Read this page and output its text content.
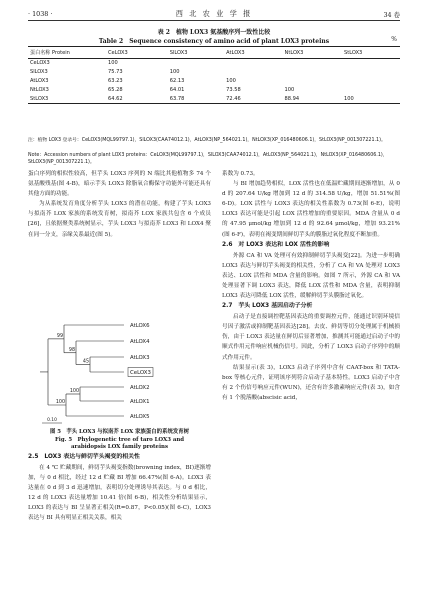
· 1038 ·	西 北 农 业 学 报	34 卷
表 2　植物 LOX3 氨基酸序列一致性比较
Table 2　Sequence consistency of amino acid of plant LOX3 proteins	%
蛋白名称 Protein	CeLOX3	SlLOX3	AtLOX3	NtLOX3	StLOX3
CeLOX3	100				
SlLOX3	75.73	100			
AtLOX3	63.23	62.13	100		
NtLOX3	65.28	64.01	73.58	100	
StLOX3	64.62	63.78	72.46	88.94	100
注：植物 LOX3 登录号：CeLOX3(MQL99797.1)，SlLOX3(CAA74012.1)，AtLOX3(NP_564021.1)，NtLOX3(XP_016480606.1)，StLOX3(NP_001307221.1)。
Note：Accession numbers of plant LOX3 proteins：CeLOX3(MQL99797.1)，SlLOX3(CAA74012.1)，AtLOX3(NP_564021.1)，NtLOX3(XP_016480606.1)，StLOX3(NP_001307221.1)。

蛋白序列的相似性较高，但芋头 LOX3 序列的 N 端比其他植物多 74 个氨基酸残基(图 4-B)，暗示芋头 LOX3 除脂氧合酶保守功能外可能还具有其他方面的功能。

为从系统发育角度分析芋头 LOX3 的潜在功能，构建了芋头 LOX3 与拟南芥 LOX 家族的系统发育树，拟南芥 LOX 家族共包含 6 个成员[26]，且依据聚类系统树显示，芋头 LOX3 与拟南芥 LOX3 和 LOX4 聚在同一分支，亲缘关系最近(图 5)。

AtLOX6
AtLOX4
AtLOX3
CeLOX3
AtLOX2
AtLOX1
AtLOX5
99
98
45
100
100
0.10
图 5　芋头 LOX3 与拟南芥 LOX 家族蛋白的系统发育树
Fig. 5　Phylogenetic tree of taro LOX3 and
arabidopsis LOX family proteins
2.5　LOX3 表达与鲜切芋头褐变的相关性

在 4 ℃ 贮藏期间，鲜切芋头褐变指数(browning index，BI)逐渐增加，与 0 d 相比，经过 12 d 贮藏 BI 增加 66.47%(图 6-A)。LOX3 表达量在 0 d 到 3 d 迅速增加，表明切分处理诱导其表达。与 0 d 相比，12 d 的 LOX3 表达量增加 10.41 倍(图 6-B)，相关性分析结果显示，LOX3 的表达与 BI 呈显著正相关(R=0.87，P<0.05)(图 6-C)，LOX3 表达与 BI 具有明显正相关关系，相关

系数为 0.73。

与 BI 增加趋势相似，LOX 活性也在低温贮藏期间逐渐增加，从 0 d 的 207.64 U/kg 增加到 12 d 的 314.58 U/kg，增加 51.51%(图 6-D)。LOX 活性与 LOX3 表达的相关性系数为 0.73(图 6-E)，说明 LOX3 表达可能是引起 LOX 活性增加的重要原因。MDA 含量从 0 d 的 47.95 μmol/kg 增加到 12 d 的 92.64 μmol/kg，增加 93.21%(图 6-F)，表明在褐变期间鲜切芋头的膜脂过氧化程度不断加重。

2.6　对 LOX3 表达和 LOX 活性的影响

外源 CA 和 VA 处理可有效抑制鲜切芋头褐变[22]。为进一步明确 LOX3 表达与鲜切芋头褐变的相关性，分析了 CA 和 VA 处理对 LOX3 表达、LOX 活性和 MDA 含量的影响。如图 7 所示，外源 CA 和 VA 处理显著下调 LOX3 表达，降低 LOX 活性和 MDA 含量，表明抑制 LOX3 表达可降低 LOX 活性，缓解鲜切芋头膜脂过氧化。

2.7　芋头 LOX3 基因启动子分析

启动子是直接调控靶基因表达的重要调控元件，能通过识别环境信号因子激活或抑制靶基因表达[28]。去皮、鲜切等切分处理属于机械损伤，由于 LOX3 表达量在鲜切后显著增加，推测其可能通过启动子中的顺式作用元件响应机械伤信号。因此，分析了 LOX3 启动子序列中的顺式作用元件。

结果显示(表 3)，LOX3 启动子序列中含有 CAAT-box 和 TATA-box 等核心元件，证明该序列符合启动子基本特性。LOX3 启动子中含有 2 个伤信号响应元件(WUN)，还含有许多激素响应元件(表 3)，如含有 1 个脱落酸(abscisic acid，
